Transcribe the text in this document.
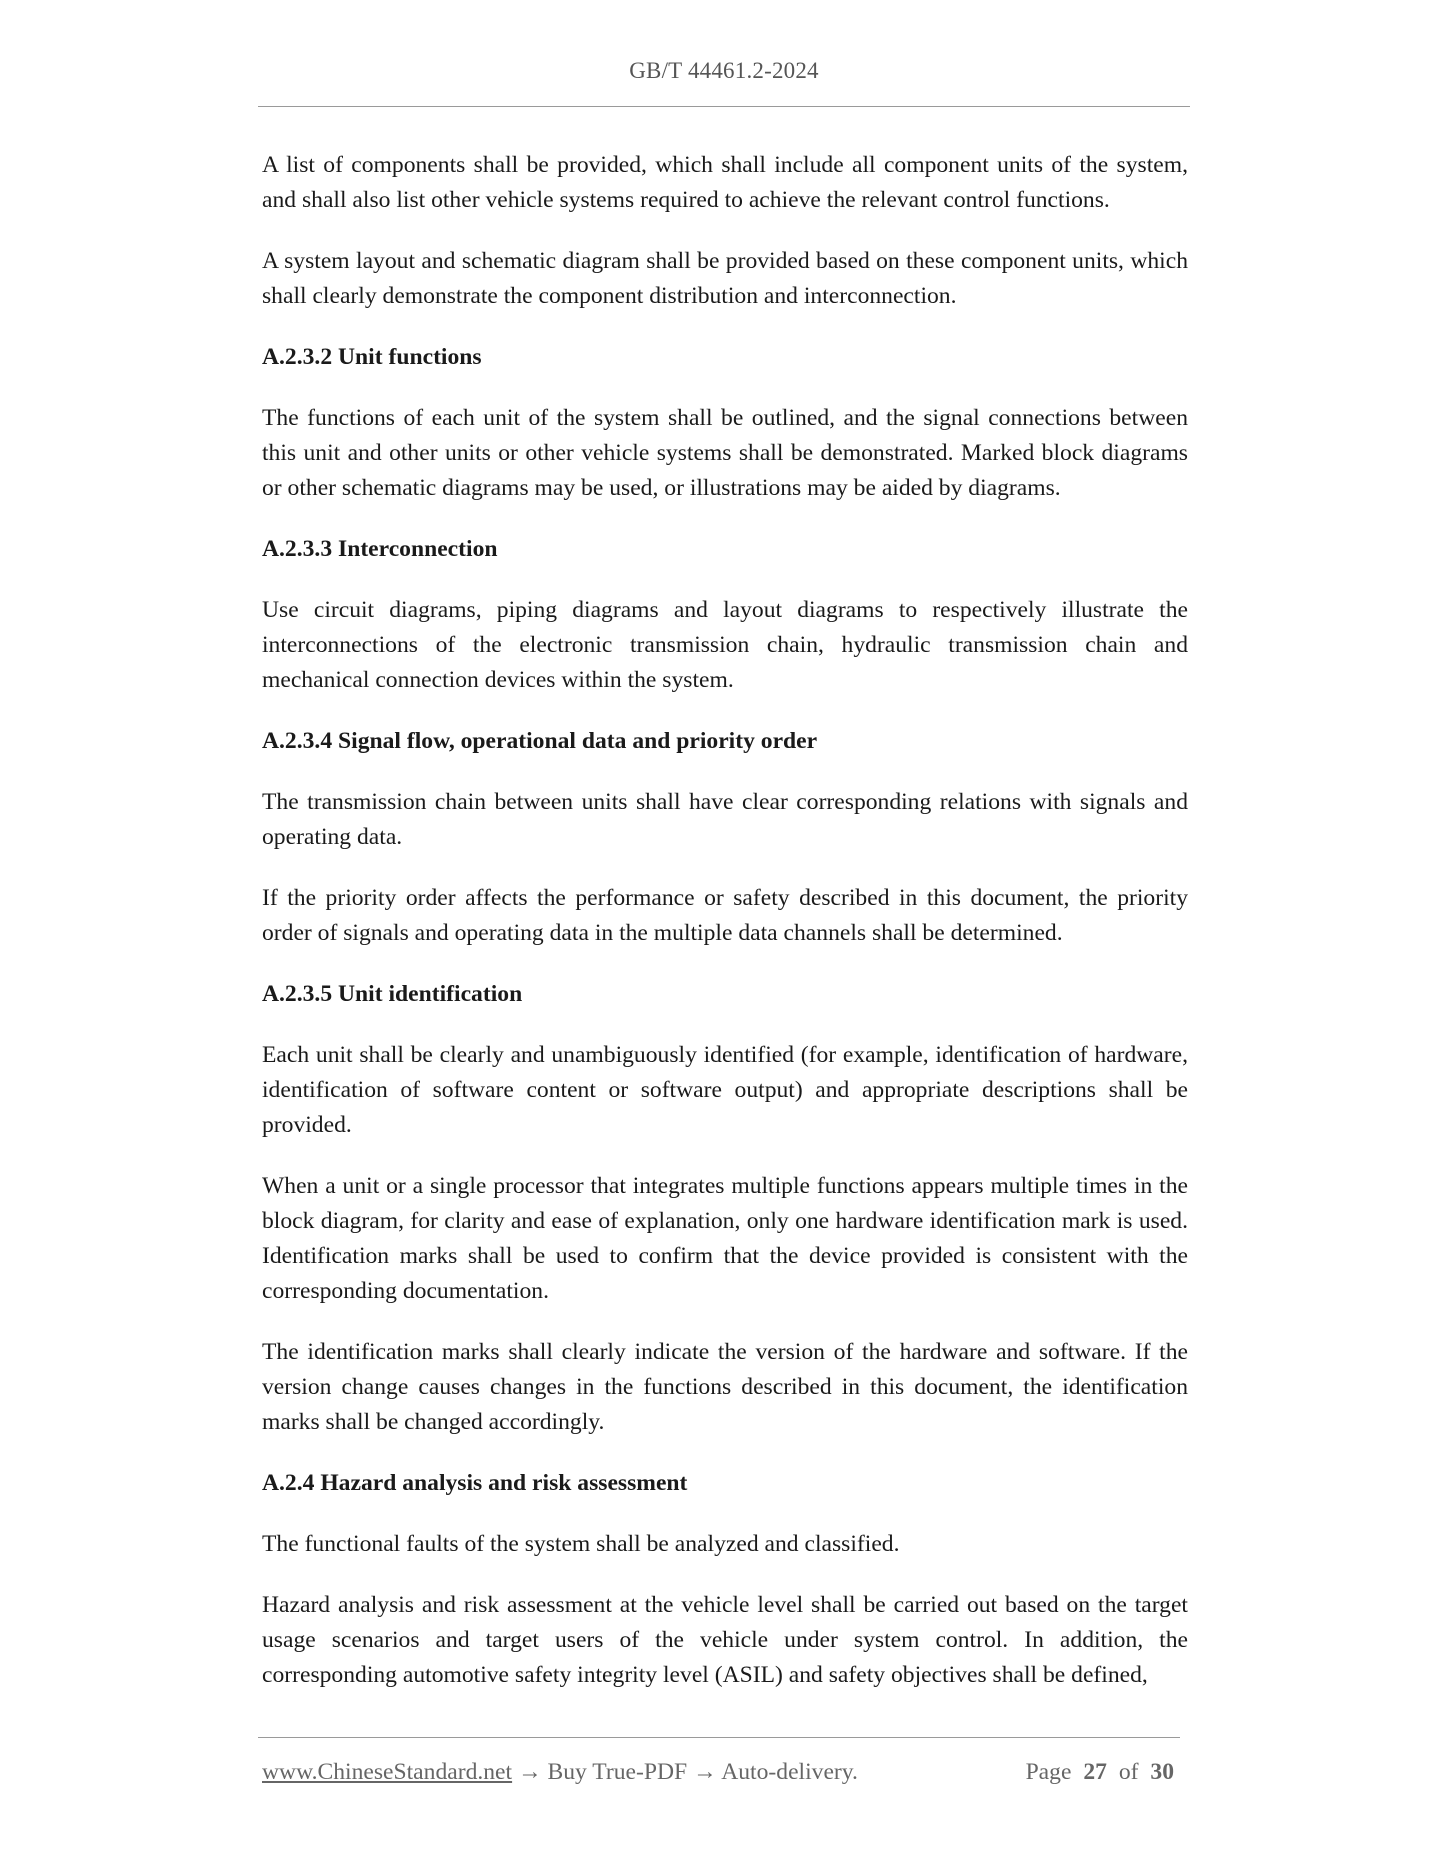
GB/T 44461.2-2024

A list of components shall be provided, which shall include all component units of the system, and shall also list other vehicle systems required to achieve the relevant control functions.

A system layout and schematic diagram shall be provided based on these component units, which shall clearly demonstrate the component distribution and interconnection.

A.2.3.2 Unit functions

The functions of each unit of the system shall be outlined, and the signal connections between this unit and other units or other vehicle systems shall be demonstrated. Marked block diagrams or other schematic diagrams may be used, or illustrations may be aided by diagrams.

A.2.3.3 Interconnection

Use circuit diagrams, piping diagrams and layout diagrams to respectively illustrate the interconnections of the electronic transmission chain, hydraulic transmission chain and mechanical connection devices within the system.

A.2.3.4 Signal flow, operational data and priority order

The transmission chain between units shall have clear corresponding relations with signals and operating data.

If the priority order affects the performance or safety described in this document, the priority order of signals and operating data in the multiple data channels shall be determined.

A.2.3.5 Unit identification

Each unit shall be clearly and unambiguously identified (for example, identification of hardware, identification of software content or software output) and appropriate descriptions shall be provided.

When a unit or a single processor that integrates multiple functions appears multiple times in the block diagram, for clarity and ease of explanation, only one hardware identification mark is used. Identification marks shall be used to confirm that the device provided is consistent with the corresponding documentation.

The identification marks shall clearly indicate the version of the hardware and software. If the version change causes changes in the functions described in this document, the identification marks shall be changed accordingly.

A.2.4 Hazard analysis and risk assessment

The functional faults of the system shall be analyzed and classified.

Hazard analysis and risk assessment at the vehicle level shall be carried out based on the target usage scenarios and target users of the vehicle under system control. In addition, the corresponding automotive safety integrity level (ASIL) and safety objectives shall be defined,

www.ChineseStandard.net → Buy True-PDF → Auto-delivery.	Page 27 of 30
